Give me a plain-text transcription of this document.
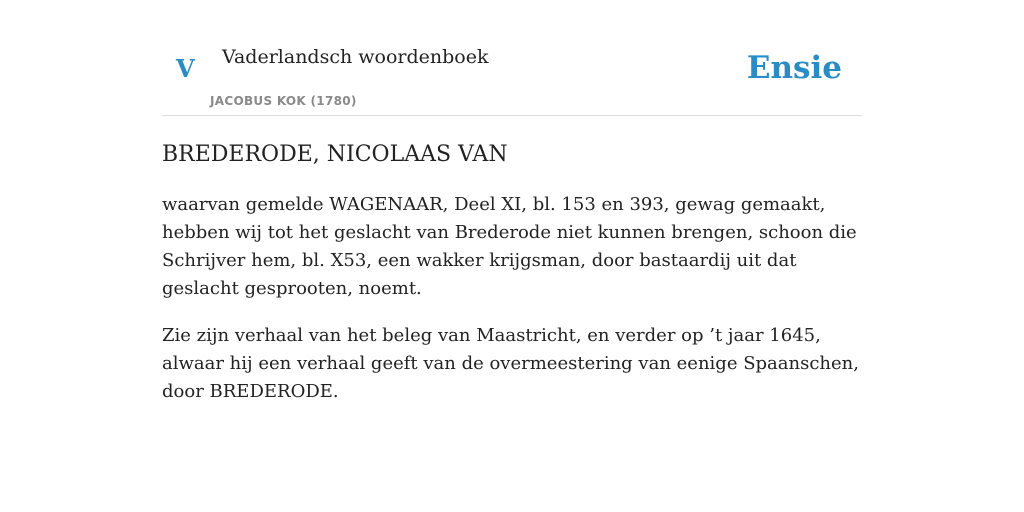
V Vaderlandsch woordenboek
JACOBUS KOK (1780)
Ensie
BREDERODE, NICOLAAS VAN

waarvan gemelde WAGENAAR, Deel XI, bl. 153 en 393, gewag gemaakt, hebben wij tot het geslacht van Brederode niet kunnen brengen, schoon die Schrijver hem, bl. X53, een wakker krijgsman, door bastaardij uit dat geslacht gesprooten, noemt.

Zie zijn verhaal van het beleg van Maastricht, en verder op ’t jaar 1645, alwaar hij een verhaal geeft van de overmeestering van eenige Spaanschen, door BREDERODE.
